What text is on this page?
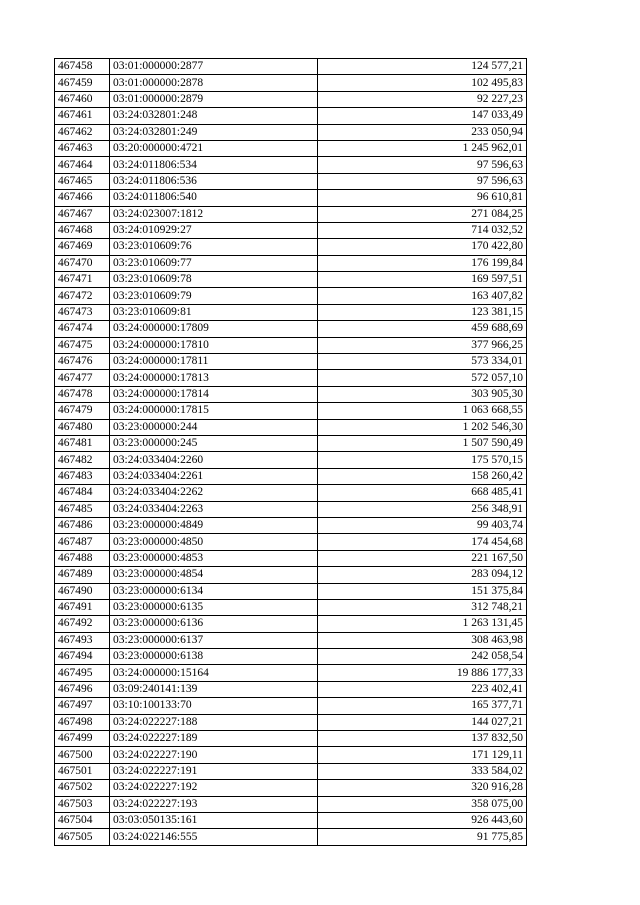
467458	03:01:000000:2877	124 577,21
467459	03:01:000000:2878	102 495,83
467460	03:01:000000:2879	92 227,23
467461	03:24:032801:248	147 033,49
467462	03:24:032801:249	233 050,94
467463	03:20:000000:4721	1 245 962,01
467464	03:24:011806:534	97 596,63
467465	03:24:011806:536	97 596,63
467466	03:24:011806:540	96 610,81
467467	03:24:023007:1812	271 084,25
467468	03:24:010929:27	714 032,52
467469	03:23:010609:76	170 422,80
467470	03:23:010609:77	176 199,84
467471	03:23:010609:78	169 597,51
467472	03:23:010609:79	163 407,82
467473	03:23:010609:81	123 381,15
467474	03:24:000000:17809	459 688,69
467475	03:24:000000:17810	377 966,25
467476	03:24:000000:17811	573 334,01
467477	03:24:000000:17813	572 057,10
467478	03:24:000000:17814	303 905,30
467479	03:24:000000:17815	1 063 668,55
467480	03:23:000000:244	1 202 546,30
467481	03:23:000000:245	1 507 590,49
467482	03:24:033404:2260	175 570,15
467483	03:24:033404:2261	158 260,42
467484	03:24:033404:2262	668 485,41
467485	03:24:033404:2263	256 348,91
467486	03:23:000000:4849	99 403,74
467487	03:23:000000:4850	174 454,68
467488	03:23:000000:4853	221 167,50
467489	03:23:000000:4854	283 094,12
467490	03:23:000000:6134	151 375,84
467491	03:23:000000:6135	312 748,21
467492	03:23:000000:6136	1 263 131,45
467493	03:23:000000:6137	308 463,98
467494	03:23:000000:6138	242 058,54
467495	03:24:000000:15164	19 886 177,33
467496	03:09:240141:139	223 402,41
467497	03:10:100133:70	165 377,71
467498	03:24:022227:188	144 027,21
467499	03:24:022227:189	137 832,50
467500	03:24:022227:190	171 129,11
467501	03:24:022227:191	333 584,02
467502	03:24:022227:192	320 916,28
467503	03:24:022227:193	358 075,00
467504	03:03:050135:161	926 443,60
467505	03:24:022146:555	91 775,85
